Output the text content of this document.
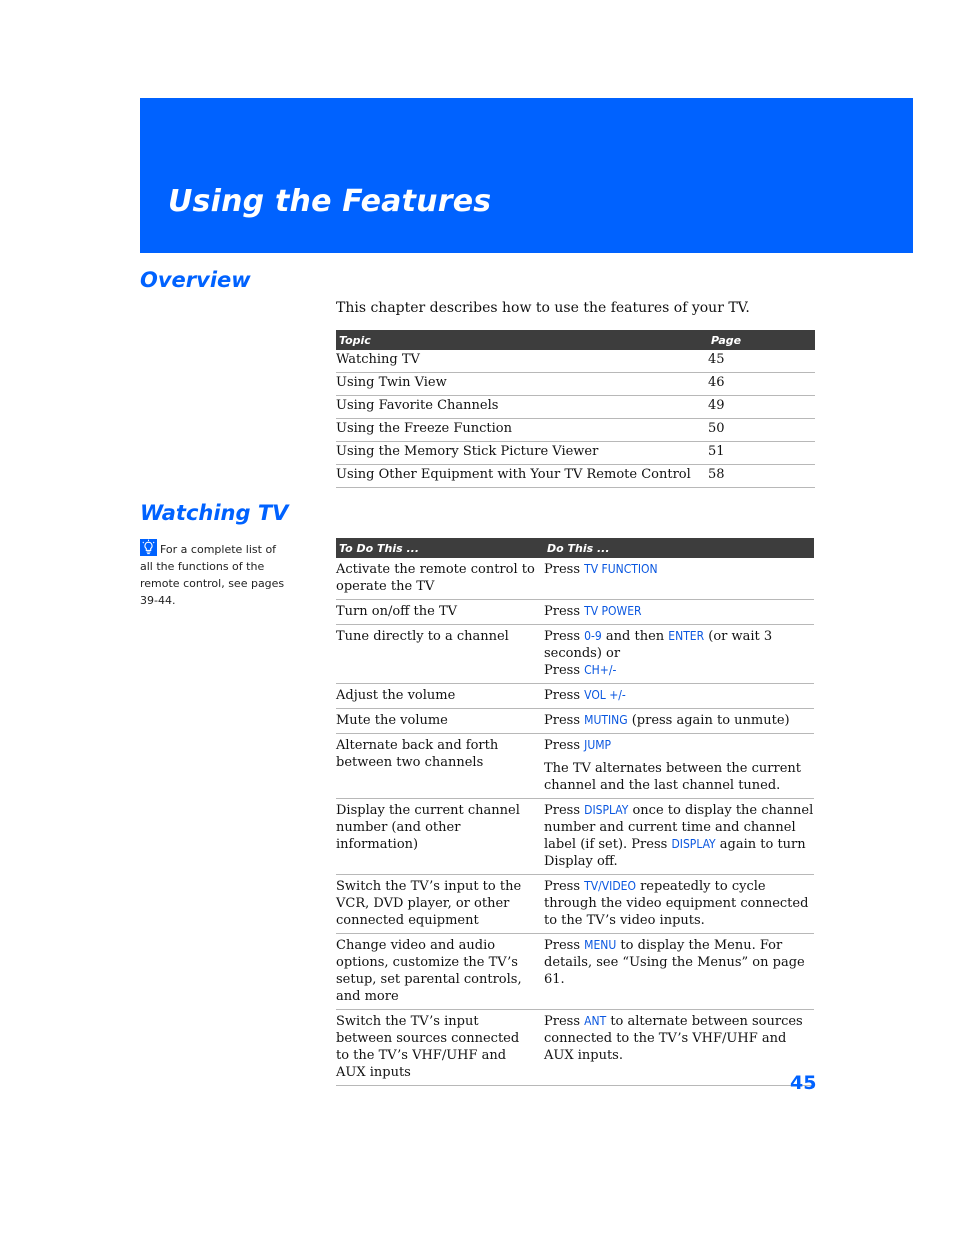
Using the Features
Overview

This chapter describes how to use the features of your TV.

Topic	Page
Watching TV	45
Using Twin View	46
Using Favorite Channels	49
Using the Freeze Function	50
Using the Memory Stick Picture Viewer	51
Using Other Equipment with Your TV Remote Control	58
Watching TV
For a complete list of all the functions of the remote control, see pages 39-44.
To Do This ...	Do This ...
Activate the remote control to operate the TV	Press TV FUNCTION
Turn on/off the TV	Press TV POWER
Tune directly to a channel	Press 0-9 and then ENTER (or wait 3 seconds) or
Press CH+/-
Adjust the volume	Press VOL +/-
Mute the volume	Press MUTING (press again to unmute)
Alternate back and forth between two channels	Press JUMP
The TV alternates between the current channel and the last channel tuned.

Display the current channel number (and other information)	Press DISPLAY once to display the channel number and current time and channel label (if set). Press DISPLAY again to turn Display off.
Switch the TV’s input to the VCR, DVD player, or other connected equipment	Press TV/VIDEO repeatedly to cycle through the video equipment connected to the TV’s video inputs.
Change video and audio options, customize the TV’s setup, set parental controls, and more	Press MENU to display the Menu. For details, see “Using the Menus” on page 61.
Switch the TV’s input between sources connected to the TV’s VHF/UHF and AUX inputs	Press ANT to alternate between sources connected to the TV’s VHF/UHF and AUX inputs.
45
